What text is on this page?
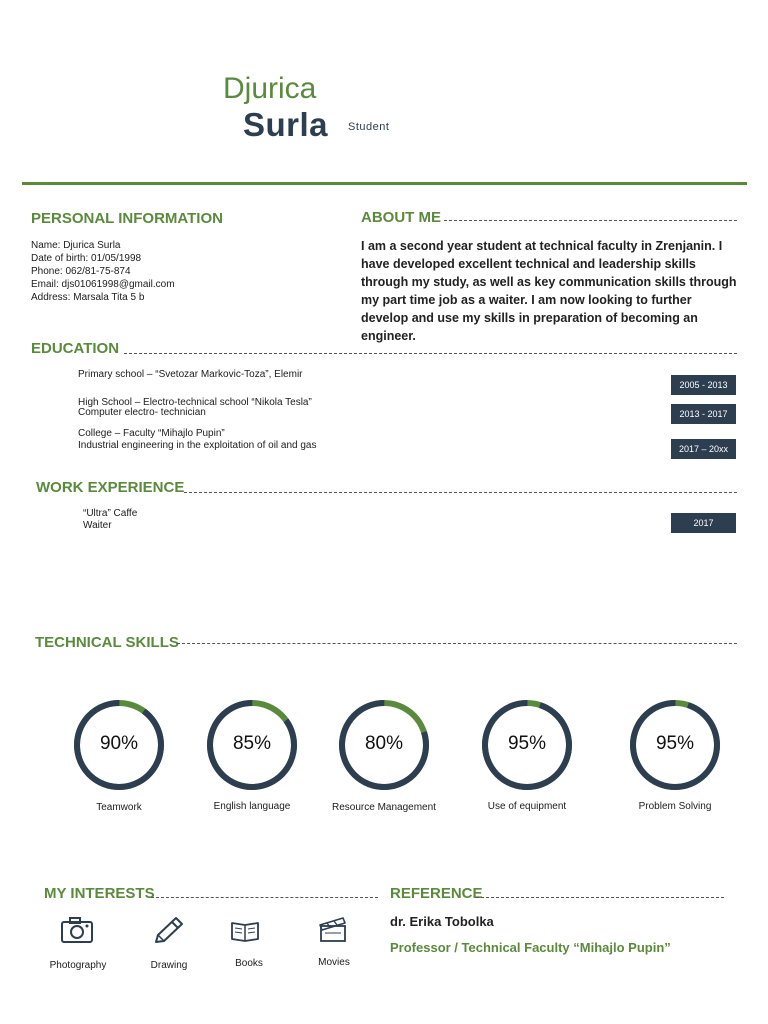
Djurica
Surla Student
PERSONAL INFORMATION
Name: Djurica Surla
Date of birth: 01/05/1998
Phone: 062/81-75-874
Email: djs01061998@gmail.com
Address: Marsala Tita 5 b
ABOUT ME
I am a second year student at technical faculty in Zrenjanin. I have developed excellent technical and leadership skills through my study, as well as key communication skills through my part time job as a waiter. I am now looking to further develop and use my skills in preparation of becoming an engineer.
EDUCATION
Primary school – “Svetozar Markovic-Toza”, Elemir
2005 - 2013
High School – Electro-technical school “Nikola Tesla”
Computer electro- technician	2013 - 2017
College – Faculty “Mihajlo Pupin”
Industrial engineering in the exploitation of oil and gas	2017 – 20xx
WORK EXPERIENCE
“Ultra” Caffe
Waiter	2017
TECHNICAL SKILLS
90%
Teamwork
85%
English language
80%
Resource Management
95%
Use of equipment
95%
Problem Solving
MY INTERESTS
Photography	Drawing	Books	Movies
REFERENCE
dr. Erika Tobolka
Professor / Technical Faculty “Mihajlo Pupin”
